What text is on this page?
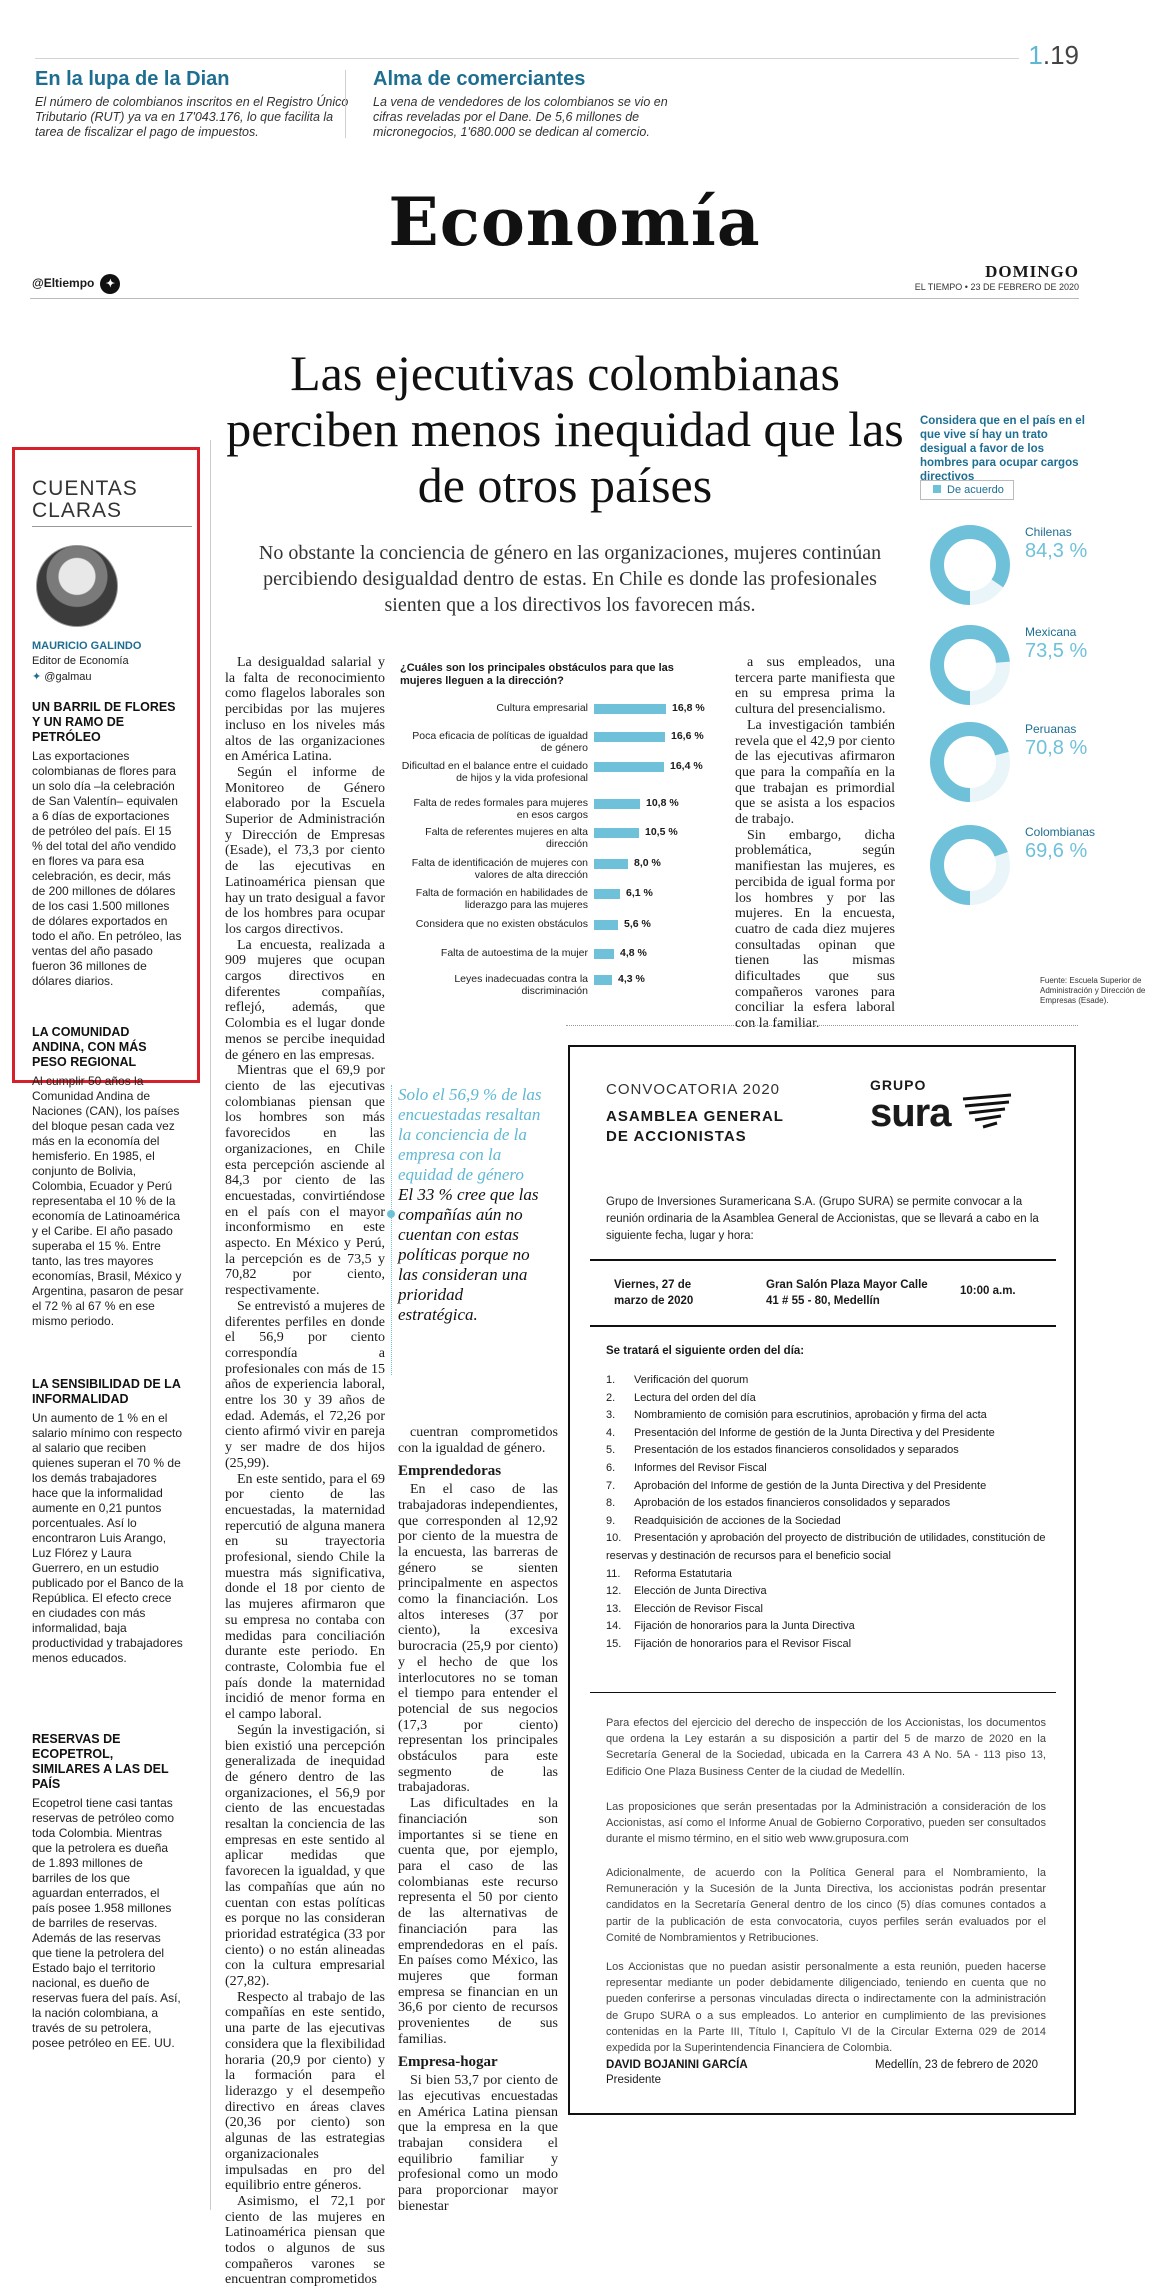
1.19
En la lupa de la Dian

El número de colombianos inscritos en el Registro Único Tributario (RUT) ya va en 17'043.176, lo que facilita la tarea de fiscalizar el pago de impuestos.

Alma de comerciantes

La vena de vendedores de los colombianos se vio en cifras reveladas por el Dane. De 5,6 millones de micronegocios, 1'680.000 se dedican al comercio.

Economía
@Eltiempo ✦
DOMINGO
EL TIEMPO • 23 DE FEBRERO DE 2020
Las ejecutivas colombianas perciben menos inequidad que las de otros países
No obstante la conciencia de género en las organizaciones, mujeres continúan percibiendo desigualdad dentro de estas. En Chile es donde las profesionales sienten que a los directivos los favorecen más.
CUENTAS
CLARAS
MAURICIO GALINDO
Editor de Economía
✦ @galmau
UN BARRIL DE FLORES Y UN RAMO DE PETRÓLEO

Las exportaciones colombianas de flores para un solo día –la celebración de San Valentín– equivalen a 6 días de exportaciones de petróleo del país. El 15 % del total del año vendido en flores va para esa celebración, es decir, más de 200 millones de dólares de los casi 1.500 millones de dólares exportados en todo el año. En petróleo, las ventas del año pasado fueron 36 millones de dólares diarios.

LA COMUNIDAD ANDINA, CON MÁS PESO REGIONAL

Al cumplir 50 años la Comunidad Andina de Naciones (CAN), los países del bloque pesan cada vez más en la economía del hemisferio. En 1985, el conjunto de Bolivia, Colombia, Ecuador y Perú representaba el 10 % de la economía de Latinoamérica y el Caribe. El año pasado superaba el 15 %. Entre tanto, las tres mayores economías, Brasil, México y Argentina, pasaron de pesar el 72 % al 67 % en ese mismo periodo.

LA SENSIBILIDAD DE LA INFORMALIDAD

Un aumento de 1 % en el salario mínimo con respecto al salario que reciben quienes superan el 70 % de los demás trabajadores hace que la informalidad aumente en 0,21 puntos porcentuales. Así lo encontraron Luis Arango, Luz Flórez y Laura Guerrero, en un estudio publicado por el Banco de la República. El efecto crece en ciudades con más informalidad, baja productividad y trabajadores menos educados.

RESERVAS DE ECOPETROL, SIMILARES A LAS DEL PAÍS

Ecopetrol tiene casi tantas reservas de petróleo como toda Colombia. Mientras que la petrolera es dueña de 1.893 millones de barriles de los que aguardan enterrados, el país posee 1.958 millones de barriles de reservas. Además de las reservas que tiene la petrolera del Estado bajo el territorio nacional, es dueño de reservas fuera del país. Así, la nación colombiana, a través de su petrolera, posee petróleo en EE. UU.

La desigualdad salarial y la falta de reconocimiento como flagelos laborales son percibidas por las mujeres incluso en los niveles más altos de las organizaciones en América Latina.

Según el informe de Monitoreo de Género elaborado por la Escuela Superior de Administración y Dirección de Empresas (Esade), el 73,3 por ciento de las ejecutivas en Latinoamérica piensan que hay un trato desigual a favor de los hombres para ocupar los cargos directivos.

La encuesta, realizada a 909 mujeres que ocupan cargos directivos en diferentes compañías, reflejó, además, que Colombia es el lugar donde menos se percibe inequidad de género en las empresas.

Mientras que el 69,9 por ciento de las ejecutivas colombianas piensan que los hombres son más favorecidos en las organizaciones, en Chile esta percepción asciende al 84,3 por ciento de las encuestadas, convirtiéndose en el país con el mayor inconformismo en este aspecto. En México y Perú, la percepción es de 73,5 y 70,82 por ciento, respectivamente.

Se entrevistó a mujeres de diferentes perfiles en donde el 56,9 por ciento correspondía a profesionales con más de 15 años de experiencia laboral, entre los 30 y 39 años de edad. Además, el 72,26 por ciento afirmó vivir en pareja y ser madre de dos hijos (25,99).

En este sentido, para el 69 por ciento de las encuestadas, la maternidad repercutió de alguna manera en su trayectoria profesional, siendo Chile la muestra más significativa, donde el 18 por ciento de las mujeres afirmaron que su empresa no contaba con medidas para conciliación durante este periodo. En contraste, Colombia fue el país donde la maternidad incidió de menor forma en el campo laboral.

Según la investigación, si bien existió una percepción generalizada de inequidad de género dentro de las organizaciones, el 56,9 por ciento de las encuestadas resaltan la conciencia de las empresas en este sentido al aplicar medidas que favorecen la igualdad, y que las compañías que aún no cuentan con estas políticas es porque no las consideran prioridad estratégica (33 por ciento) o no están alineadas con la cultura empresarial (27,82).

Respecto al trabajo de las compañías en este sentido, una parte de las ejecutivas considera que la flexibilidad horaria (20,9 por ciento) y la formación para el liderazgo y el desempeño directivo en áreas claves (20,36 por ciento) son algunas de las estrategias organizacionales impulsadas en pro del equilibrio entre géneros.

Asimismo, el 72,1 por ciento de las mujeres en Latinoamérica piensan que todos o algunos de sus compañeros varones se encuentran comprometidos

¿Cuáles son los principales obstáculos para que las mujeres lleguen a la dirección?
Cultura empresarial	16,8 %
Poca eficacia de políticas de igualdad de género
16,6 %
Dificultad en el balance entre el cuidado de hijos y la vida profesional
16,4 %
Falta de redes formales para mujeres en esos cargos
10,8 %
Falta de referentes mujeres en alta dirección
10,5 %
Falta de identificación de mujeres con valores de alta dirección
8,0 %
Falta de formación en habilidades de liderazgo para las mujeres
6,1 %
Considera que no existen obstáculos	5,6 %
Falta de autoestima de la mujer	4,8 %
Leyes inadecuadas contra la discriminación
4,3 %

cuentran comprometidos con la igualdad de género.

Emprendedoras

En el caso de las trabajadoras independientes, que corresponden al 12,92 por ciento de la muestra de la encuesta, las barreras de género se sienten principalmente en aspectos como la financiación. Los altos intereses (37 por ciento), la excesiva burocracia (25,9 por ciento) y el hecho de que los interlocutores no se toman el tiempo para entender el potencial de sus negocios (17,3 por ciento) representan los principales obstáculos para este segmento de las trabajadoras.

Las dificultades en la financiación son importantes si se tiene en cuenta que, por ejemplo, para el caso de las colombianas este recurso representa el 50 por ciento de las alternativas de financiación para las emprendedoras en el país. En países como México, las mujeres que forman empresa se financian en un 36,6 por ciento de recursos provenientes de sus familias.

Empresa-hogar

Si bien 53,7 por ciento de las ejecutivas encuestadas en América Latina piensan que la empresa en la que trabajan considera el equilibrio familiar y profesional como un modo para proporcionar mayor bienestar

a sus empleados, una tercera parte manifiesta que en su empresa prima la cultura del presencialismo.

La investigación también revela que el 42,9 por ciento de las ejecutivas afirmaron que para la compañía en la que trabajan es primordial que se asista a los espacios de trabajo.

Sin embargo, dicha problemática, según manifiestan las mujeres, es percibida de igual forma por los hombres y por las mujeres. En la encuesta, cuatro de cada diez mujeres consultadas opinan que tienen las mismas dificultades que sus compañeros varones para conciliar la esfera laboral con la familiar.

Considera que en el país en el que vive sí hay un trato desigual a favor de los hombres para ocupar cargos directivos
De acuerdo
Chilenas
84,3 %
Mexicana
73,5 %
Peruanas
70,8 %
Colombianas
69,6 %
Fuente: Escuela Superior de Administración y Dirección de Empresas (Esade).
Solo el 56,9 % de las encuestadas resaltan la conciencia de la empresa con la equidad de género
El 33 % cree que las compañías aún no cuentan con estas políticas porque no las consideran una prioridad estratégica.
CONVOCATORIA 2020
ASAMBLEA GENERAL
DE ACCIONISTAS
GRUPO
sura
Grupo de Inversiones Suramericana S.A. (Grupo SURA) se permite convocar a la reunión ordinaria de la Asamblea General de Accionistas, que se llevará a cabo en la siguiente fecha, lugar y hora:
Viernes, 27 de marzo de 2020
Gran Salón Plaza Mayor Calle 41 # 55 - 80, Medellín
10:00 a.m.
Se tratará el siguiente orden del día:
1. Verificación del quorum
2. Lectura del orden del día
3. Nombramiento de comisión para escrutinios, aprobación y firma del acta
4. Presentación del Informe de gestión de la Junta Directiva y del Presidente
5. Presentación de los estados financieros consolidados y separados
6. Informes del Revisor Fiscal
7. Aprobación del Informe de gestión de la Junta Directiva y del Presidente
8. Aprobación de los estados financieros consolidados y separados
9. Readquisición de acciones de la Sociedad
10. Presentación y aprobación del proyecto de distribución de utilidades, constitución de reservas y destinación de recursos para el beneficio social
11. Reforma Estatutaria
12. Elección de Junta Directiva
13. Elección de Revisor Fiscal
14. Fijación de honorarios para la Junta Directiva
15. Fijación de honorarios para el Revisor Fiscal
Para efectos del ejercicio del derecho de inspección de los Accionistas, los documentos que ordena la Ley estarán a su disposición a partir del 5 de marzo de 2020 en la Secretaría General de la Sociedad, ubicada en la Carrera 43 A No. 5A - 113 piso 13, Edificio One Plaza Business Center de la ciudad de Medellín.
Las proposiciones que serán presentadas por la Administración a consideración de los Accionistas, así como el Informe Anual de Gobierno Corporativo, pueden ser consultados durante el mismo término, en el sitio web www.gruposura.com
Adicionalmente, de acuerdo con la Política General para el Nombramiento, la Remuneración y la Sucesión de la Junta Directiva, los accionistas podrán presentar candidatos en la Secretaría General dentro de los cinco (5) días comunes contados a partir de la publicación de esta convocatoria, cuyos perfiles serán evaluados por el Comité de Nombramientos y Retribuciones.
Los Accionistas que no puedan asistir personalmente a esta reunión, pueden hacerse representar mediante un poder debidamente diligenciado, teniendo en cuenta que no pueden conferirse a personas vinculadas directa o indirectamente con la administración de Grupo SURA o a sus empleados. Lo anterior en cumplimiento de las previsiones contenidas en la Parte III, Título I, Capítulo VI de la Circular Externa 029 de 2014 expedida por la Superintendencia Financiera de Colombia.
DAVID BOJANINI GARCÍA
Presidente
Medellín, 23 de febrero de 2020
